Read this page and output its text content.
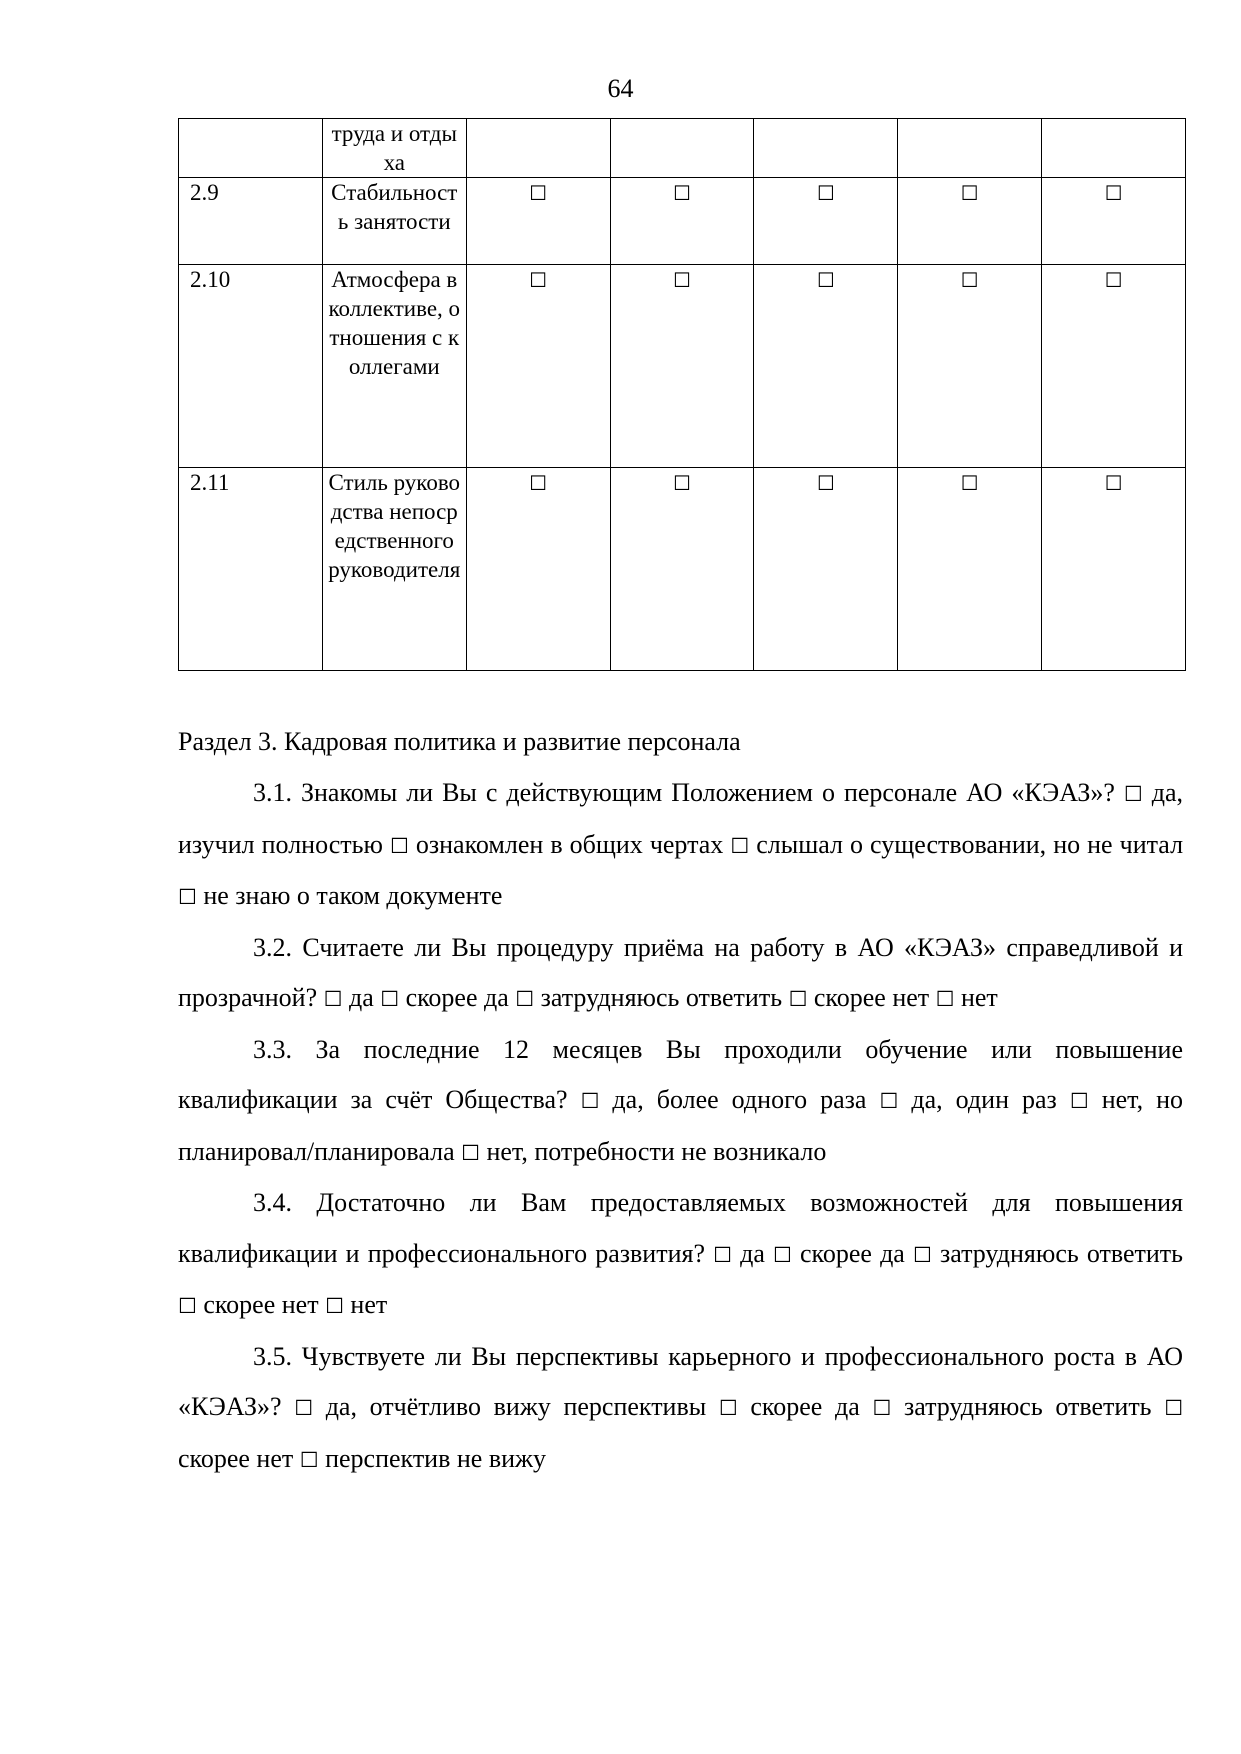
64
	труда и отдыха					
2.9	Стабильность занятости	☐	☐	☐	☐	☐
2.10	Атмосфера в коллективе, отношения с коллегами	☐	☐	☐	☐	☐
2.11	Стиль руководства непосредственного руководителя	☐	☐	☐	☐	☐
Раздел 3. Кадровая политика и развитие персонала

3.1. Знакомы ли Вы с действующим Положением о персонале АО «КЭАЗ»? ☐ да, изучил полностью ☐ ознакомлен в общих чертах ☐ слышал о существовании, но не читал ☐ не знаю о таком документе

3.2. Считаете ли Вы процедуру приёма на работу в АО «КЭАЗ» справедливой и прозрачной? ☐ да ☐ скорее да ☐ затрудняюсь ответить ☐ скорее нет ☐ нет

3.3. За последние 12 месяцев Вы проходили обучение или повышение квалификации за счёт Общества? ☐ да, более одного раза ☐ да, один раз ☐ нет, но планировал/планировала ☐ нет, потребности не возникало

3.4. Достаточно ли Вам предоставляемых возможностей для повышения квалификации и профессионального развития? ☐ да ☐ скорее да ☐ затрудняюсь ответить ☐ скорее нет ☐ нет

3.5. Чувствуете ли Вы перспективы карьерного и профессионального роста в АО «КЭАЗ»? ☐ да, отчётливо вижу перспективы ☐ скорее да ☐ затрудняюсь ответить ☐ скорее нет ☐ перспектив не вижу
